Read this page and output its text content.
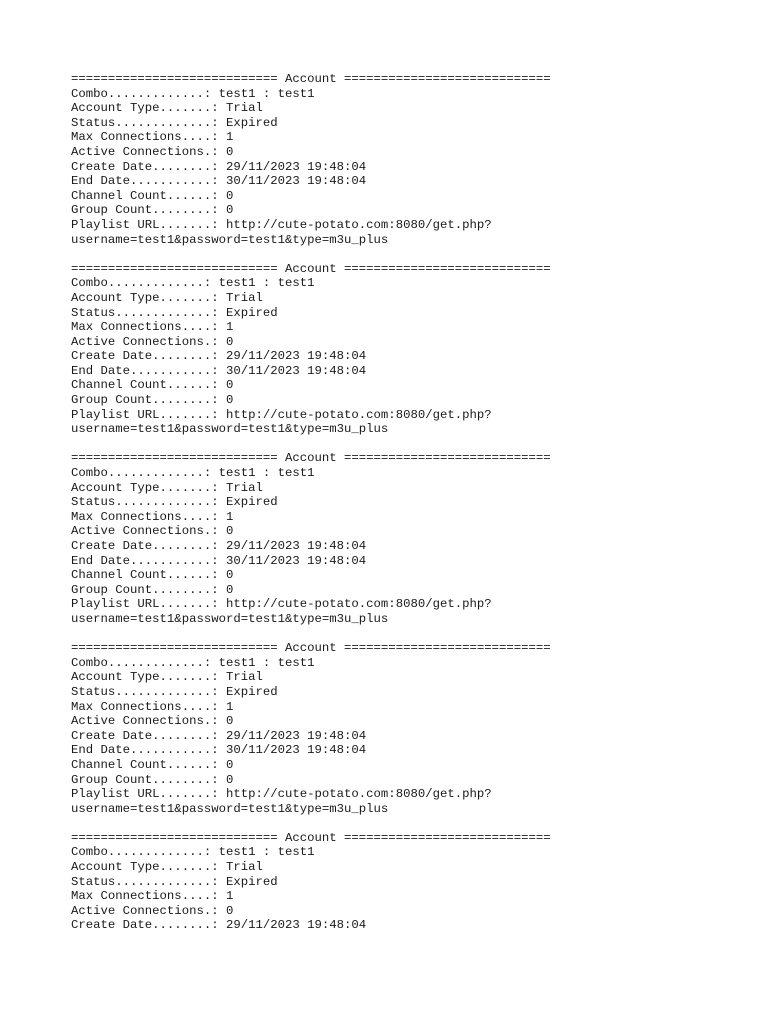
============================ Account ============================
Combo.............: test1 : test1
Account Type.......: Trial
Status.............: Expired
Max Connections....: 1
Active Connections.: 0
Create Date........: 29/11/2023 19:48:04
End Date...........: 30/11/2023 19:48:04
Channel Count......: 0
Group Count........: 0
Playlist URL.......: http://cute-potato.com:8080/get.php?
username=test1&password=test1&type=m3u_plus
============================ Account ============================
Combo.............: test1 : test1
Account Type.......: Trial
Status.............: Expired
Max Connections....: 1
Active Connections.: 0
Create Date........: 29/11/2023 19:48:04
End Date...........: 30/11/2023 19:48:04
Channel Count......: 0
Group Count........: 0
Playlist URL.......: http://cute-potato.com:8080/get.php?
username=test1&password=test1&type=m3u_plus
============================ Account ============================
Combo.............: test1 : test1
Account Type.......: Trial
Status.............: Expired
Max Connections....: 1
Active Connections.: 0
Create Date........: 29/11/2023 19:48:04
End Date...........: 30/11/2023 19:48:04
Channel Count......: 0
Group Count........: 0
Playlist URL.......: http://cute-potato.com:8080/get.php?
username=test1&password=test1&type=m3u_plus
============================ Account ============================
Combo.............: test1 : test1
Account Type.......: Trial
Status.............: Expired
Max Connections....: 1
Active Connections.: 0
Create Date........: 29/11/2023 19:48:04
End Date...........: 30/11/2023 19:48:04
Channel Count......: 0
Group Count........: 0
Playlist URL.......: http://cute-potato.com:8080/get.php?
username=test1&password=test1&type=m3u_plus
============================ Account ============================
Combo.............: test1 : test1
Account Type.......: Trial
Status.............: Expired
Max Connections....: 1
Active Connections.: 0
Create Date........: 29/11/2023 19:48:04
